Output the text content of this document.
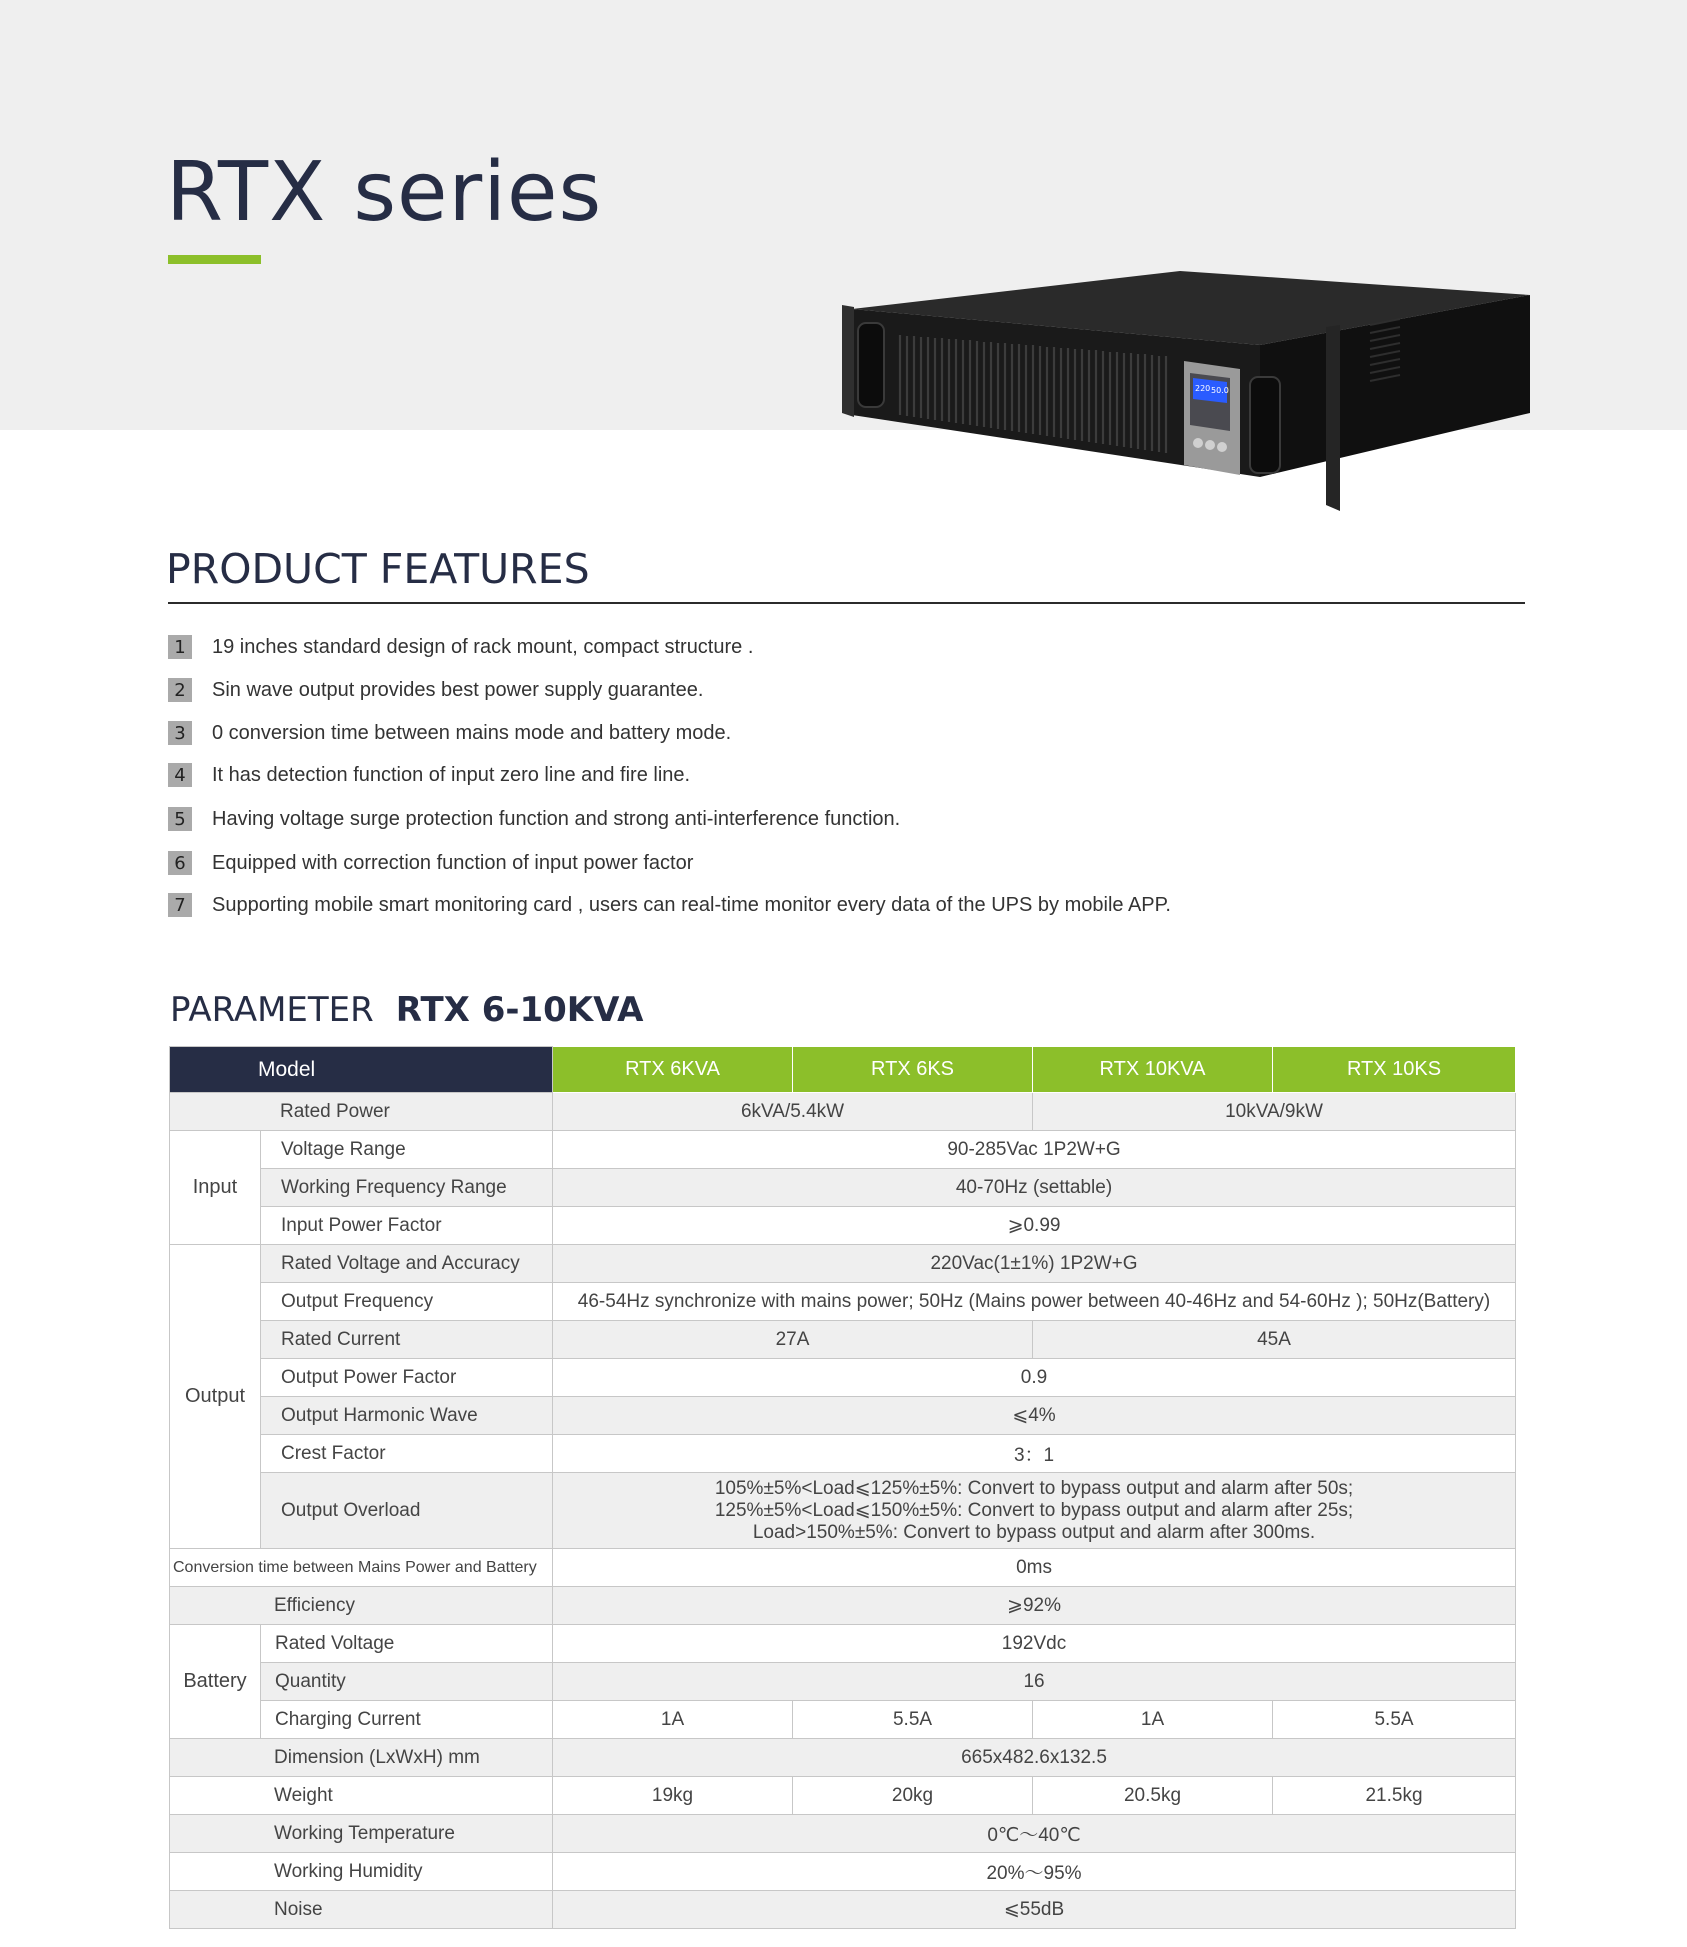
RTX series
220 50.0
PRODUCT FEATURES
1	19 inches standard design of rack mount, compact structure .
2	Sin wave output provides best power supply guarantee.
3	0 conversion time between mains mode and battery mode.
4	It has detection function of input zero line and fire line.
5	Having voltage surge protection function and strong anti-interference function.
6	Equipped with correction function of input power factor
7	Supporting mobile smart monitoring card , users can real-time monitor every data of the UPS by mobile APP.
PARAMETER RTX 6-10KVA
Model		RTX 6KVA	RTX 6KS	RTX 10KVA	RTX 10KS
Rated Power		6kVA/5.4kW		10kVA/9kW	
Input	Voltage Range	90-285Vac 1P2W+G			
	Working Frequency Range	40-70Hz (settable)			
	Input Power Factor	⩾0.99			
Output	Rated Voltage and Accuracy	220Vac(1±1%) 1P2W+G			
	Output Frequency	46-54Hz synchronize with mains power; 50Hz (Mains power between 40-46Hz and 54-60Hz ); 50Hz(Battery)			
	Rated Current	27A		45A	
	Output Power Factor	0.9			
	Output Harmonic Wave	⩽4%			
	Crest Factor	3：1			
	Output Overload	105%±5%<Load⩽125%±5%: Convert to bypass output and alarm after 50s;
125%±5%<Load⩽150%±5%: Convert to bypass output and alarm after 25s;
Load>150%±5%: Convert to bypass output and alarm after 300ms.			

Conversion time between Mains Power and Battery		0ms			
Efficiency		⩾92%			
Battery	Rated Voltage	192Vdc			
	Quantity	16			
	Charging Current	1A	5.5A	1A	5.5A
Dimension (LxWxH) mm		665x482.6x132.5			
Weight		19kg	20kg	20.5kg	21.5kg
Working Temperature		0℃～40℃			
Working Humidity		20%～95%			
Noise		⩽55dB			
